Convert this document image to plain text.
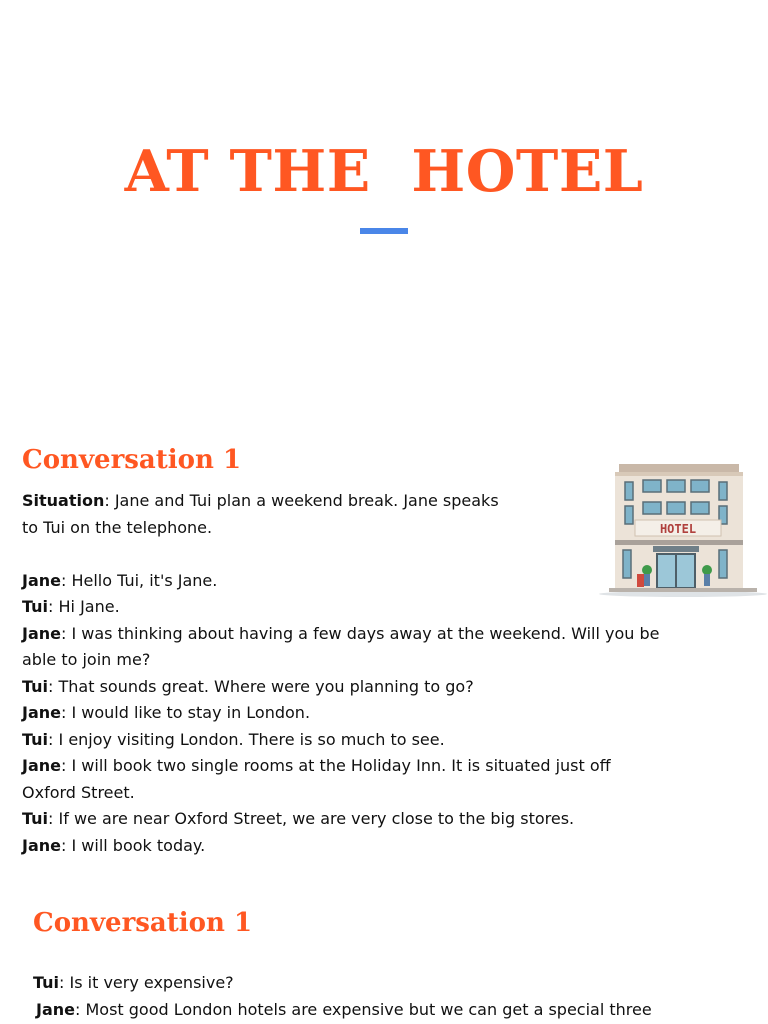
AT THE  HOTEL
Conversation 1
Situation: Jane and Tui plan a weekend break. Jane speaks
to Tui on the telephone.
Jane: Hello Tui, it's Jane.
Tui: Hi Jane.
Jane: I was thinking about having a few days away at the weekend. Will you be
able to join me?
Tui: That sounds great. Where were you planning to go?
Jane: I would like to stay in London.
Tui: I enjoy visiting London. There is so much to see.
Jane: I will book two single rooms at the Holiday Inn. It is situated just off
Oxford Street.
Tui: If we are near Oxford Street, we are very close to the big stores.
Jane: I will book today.
HOTEL
Conversation 1
Tui: Is it very expensive?
Jane: Most good London hotels are expensive but we can get a special three
